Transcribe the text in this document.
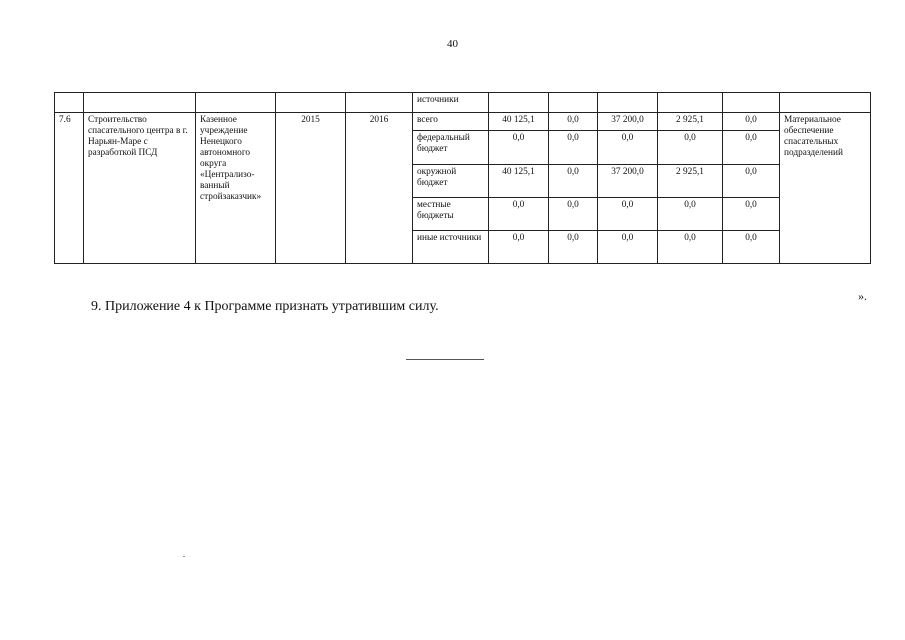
40
					источники						
7.6	Строительство спасательного центра в г. Нарьян-Маре с разработкой ПСД	Казенное учреждение Ненецкого автономного округа «Централизо-ванный стройзаказчик»	2015	2016	всего	40 125,1	0,0	37 200,0	2 925,1	0,0	Материальное обеспечение спасательных подразделений
					федеральный бюджет	0,0	0,0	0,0	0,0	0,0	
					окружной бюджет	40 125,1	0,0	37 200,0	2 925,1	0,0	
					местные бюджеты	0,0	0,0	0,0	0,0	0,0	
					иные источники	0,0	0,0	0,0	0,0	0,0	
».
9. Приложение 4 к Программе признать утратившим силу.
